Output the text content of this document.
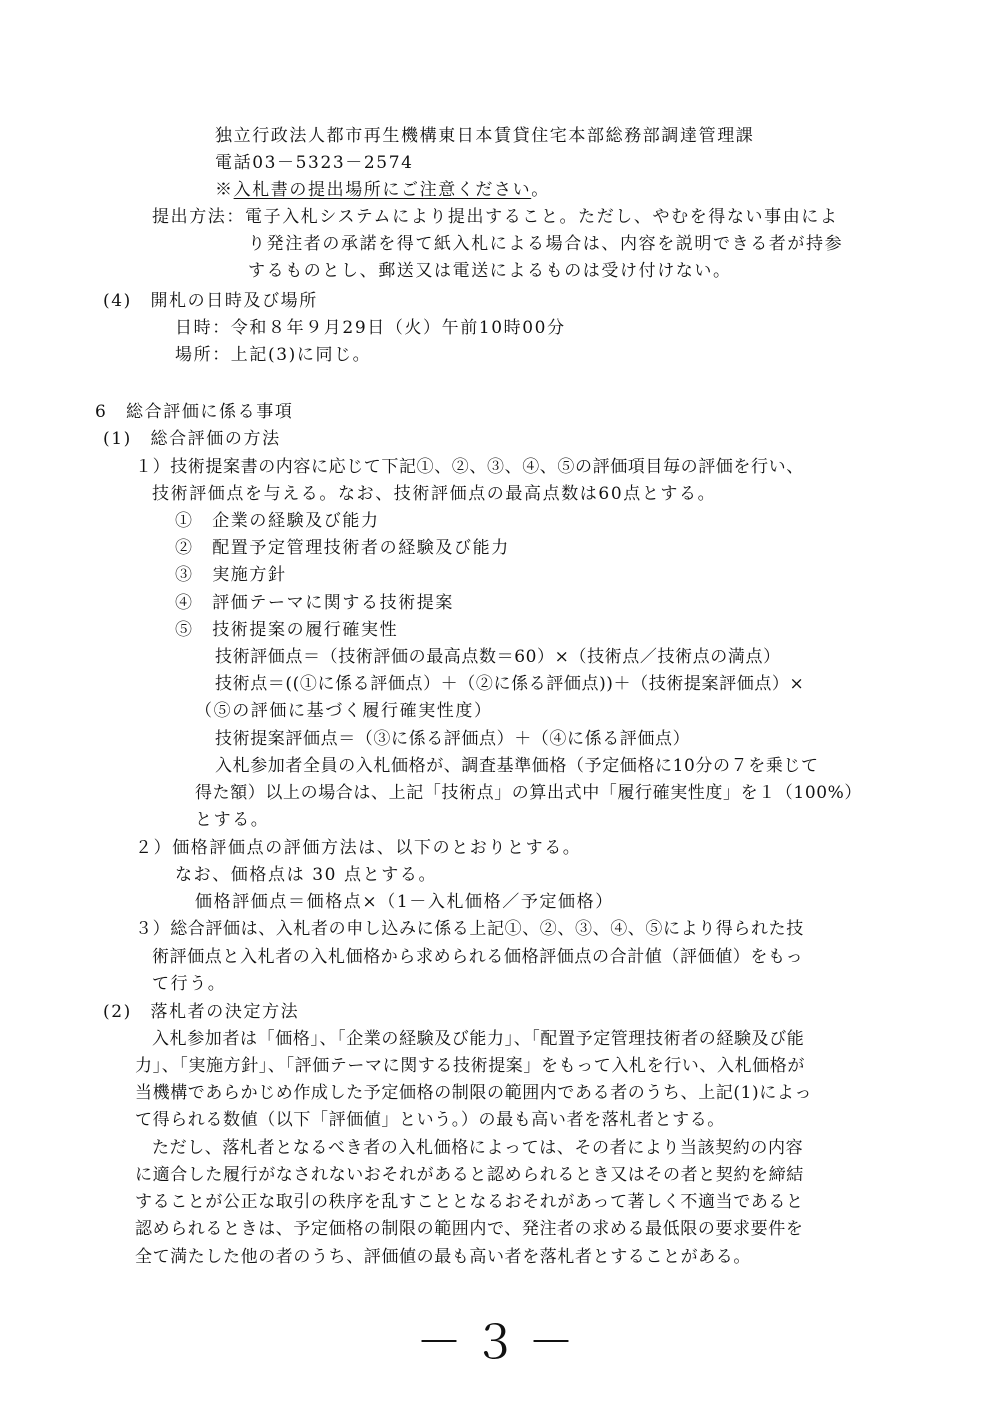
独立行政法人都市再生機構東日本賃貸住宅本部総務部調達管理課
電話03－5323－2574
※入札書の提出場所にご注意ください。
提出方法：電子入札システムにより提出すること。ただし、やむを得ない事由によ
り発注者の承諾を得て紙入札による場合は、内容を説明できる者が持参
するものとし、郵送又は電送によるものは受け付けない。
(4)　開札の日時及び場所
日時：令和８年９月29日（火）午前10時00分
場所：上記(3)に同じ。
6　総合評価に係る事項
(1)　総合評価の方法
１）技術提案書の内容に応じて下記①、②、③、④、⑤の評価項目毎の評価を行い、
技術評価点を与える。なお、技術評価点の最高点数は60点とする。
①　企業の経験及び能力
②　配置予定管理技術者の経験及び能力
③　実施方針
④　評価テーマに関する技術提案
⑤　技術提案の履行確実性
技術評価点＝（技術評価の最高点数＝60）×（技術点／技術点の満点）
技術点＝((①に係る評価点）＋（②に係る評価点))＋（技術提案評価点）×
（⑤の評価に基づく履行確実性度）
技術提案評価点＝（③に係る評価点）＋（④に係る評価点）
入札参加者全員の入札価格が、調査基準価格（予定価格に10分の７を乗じて
得た額）以上の場合は、上記「技術点」の算出式中「履行確実性度」を１（100%）
とする。
２）価格評価点の評価方法は、以下のとおりとする。
なお、価格点は 30 点とする。
価格評価点＝価格点×（1－入札価格／予定価格）
３）総合評価は、入札者の申し込みに係る上記①、②、③、④、⑤により得られた技
術評価点と入札者の入札価格から求められる価格評価点の合計値（評価値）をもっ
て行う。
(2)　落札者の決定方法
入札参加者は「価格」、「企業の経験及び能力」、「配置予定管理技術者の経験及び能
力」、「実施方針」、「評価テーマに関する技術提案」をもって入札を行い、入札価格が
当機構であらかじめ作成した予定価格の制限の範囲内である者のうち、上記(1)によっ
て得られる数値（以下「評価値」という。）の最も高い者を落札者とする。
ただし、落札者となるべき者の入札価格によっては、その者により当該契約の内容
に適合した履行がなされないおそれがあると認められるとき又はその者と契約を締結
することが公正な取引の秩序を乱すこととなるおそれがあって著しく不適当であると
認められるときは、予定価格の制限の範囲内で、発注者の求める最低限の要求要件を
全て満たした他の者のうち、評価値の最も高い者を落札者とすることがある。
－３－
